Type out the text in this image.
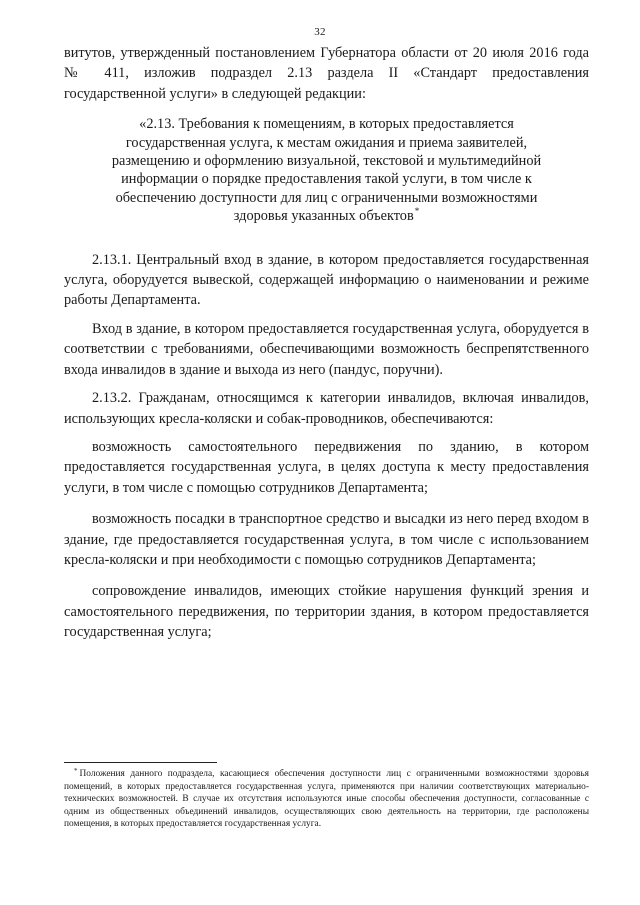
32

витутов, утвержденный постановлением Губернатора области от 20 июля 2016 года № 411, изложив подраздел 2.13 раздела II «Стандарт предоставления государственной услуги» в следующей редакции:

«2.13. Требования к помещениям, в которых предоставляется государственная услуга, к местам ожидания и приема заявителей, размещению и оформлению визуальной, текстовой и мультимедийной информации о порядке предоставления такой услуги, в том числе к обеспечению доступности для лиц с ограниченными возможностями здоровья указанных объектов*

2.13.1. Центральный вход в здание, в котором предоставляется государственная услуга, оборудуется вывеской, содержащей информацию о наименовании и режиме работы Департамента.

Вход в здание, в котором предоставляется государственная услуга, оборудуется в соответствии с требованиями, обеспечивающими возможность беспрепятственного входа инвалидов в здание и выхода из него (пандус, поручни).

2.13.2. Гражданам, относящимся к категории инвалидов, включая инвалидов, использующих кресла-коляски и собак-проводников, обеспечиваются:

возможность самостоятельного передвижения по зданию, в котором предоставляется государственная услуга, в целях доступа к месту предоставления услуги, в том числе с помощью сотрудников Департамента;

возможность посадки в транспортное средство и высадки из него перед входом в здание, где предоставляется государственная услуга, в том числе с использованием кресла-коляски и при необходимости с помощью сотрудников Департамента;

сопровождение инвалидов, имеющих стойкие нарушения функций зрения и самостоятельного передвижения, по территории здания, в котором предоставляется государственная услуга;

* Положения данного подраздела, касающиеся обеспечения доступности лиц с ограниченными возможностями здоровья помещений, в которых предоставляется государственная услуга, применяются при наличии соответствующих материально-технических возможностей. В случае их отсутствия используются иные способы обеспечения доступности, согласованные с одним из общественных объединений инвалидов, осуществляющих свою деятельность на территории, где расположены помещения, в которых предоставляется государственная услуга.
